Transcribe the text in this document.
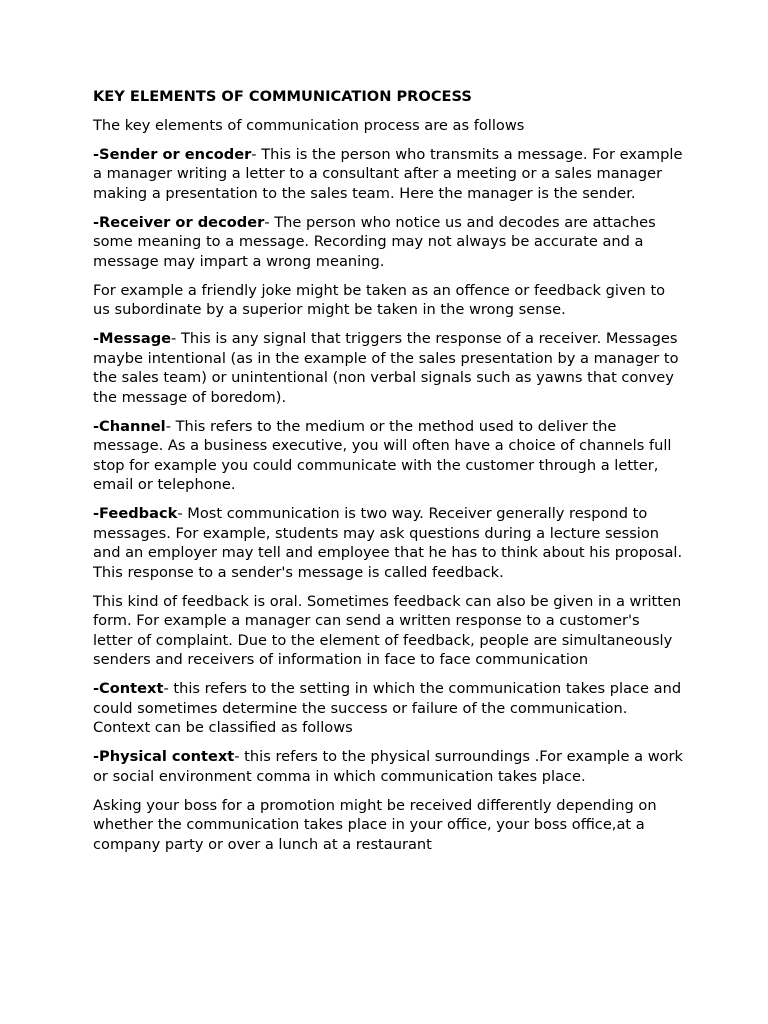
KEY ELEMENTS OF COMMUNICATION PROCESS
The key elements of communication process are as follows
-Sender or encoder- This is the person who transmits a message. For example a manager writing a letter to a consultant after a meeting or a sales manager making a presentation to the sales team. Here the manager is the sender.
-Receiver or decoder- The person who notice us and decodes are attaches some meaning to a message. Recording may not always be accurate and a message may impart a wrong meaning.
For example a friendly joke might be taken as an offence or feedback given to us subordinate by a superior might be taken in the wrong sense.
-Message- This is any signal that triggers the response of a receiver. Messages maybe intentional (as in the example of the sales presentation by a manager to the sales team) or unintentional (non verbal signals such as yawns that convey the message of boredom).
-Channel- This refers to the medium or the method used to deliver the message. As a business executive, you will often have a choice of channels full stop for example you could communicate with the customer through a letter, email or telephone.
-Feedback- Most communication is two way. Receiver generally respond to messages. For example, students may ask questions during a lecture session and an employer may tell and employee that he has to think about his proposal. This response to a sender's message is called feedback.
This kind of feedback is oral. Sometimes feedback can also be given in a written form. For example a manager can send a written response to a customer's letter of complaint. Due to the element of feedback, people are simultaneously senders and receivers of information in face to face communication
-Context- this refers to the setting in which the communication takes place and could sometimes determine the success or failure of the communication. Context can be classified as follows
-Physical context- this refers to the physical surroundings .For example a work or social environment comma in which communication takes place.
Asking your boss for a promotion might be received differently depending on whether the communication takes place in your office, your boss office,at a company party or over a lunch at a restaurant
